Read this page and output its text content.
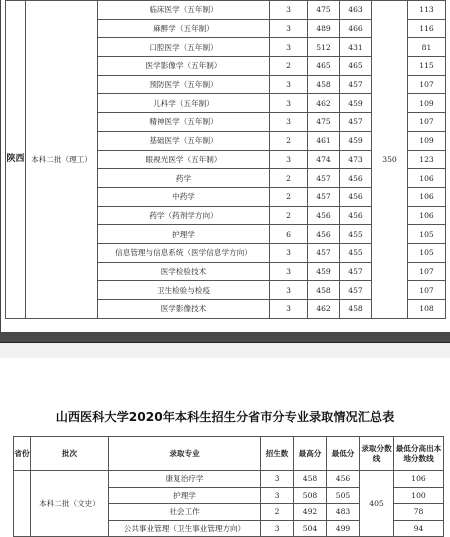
陕西	本科二批（理工）	临床医学（五年制）	3	475	463	350	113
		麻醉学（五年制）	3	489	466		116
		口腔医学（五年制）	3	512	431		81
		医学影像学（五年制）	2	465	465		115
		预防医学（五年制）	3	458	457		107
		儿科学（五年制）	3	462	459		109
		精神医学（五年制）	3	475	457		107
		基础医学（五年制）	2	461	459		109
		眼视光医学（五年制）	3	474	473		123
		药学	2	457	456		106
		中药学	2	457	456		106
		药学（药剂学方向）	2	456	456		106
		护理学	6	456	455		105
		信息管理与信息系统（医学信息学方向）	3	457	455		105
		医学检验技术	3	459	457		107
		卫生检验与检疫	3	458	457		107
		医学影像技术	3	462	458		108
山西医科大学2020年本科生招生分省市分专业录取情况汇总表
省份	批次	录取专业	招生数	最高分	最低分	录取分数线	最低分高出本地分数线
	本科二批（文史）	康复治疗学	3	458	456	405	106
		护理学	3	508	505		100
		社会工作	2	492	483		78
		公共事业管理（卫生事业管理方向）	3	504	499		94
